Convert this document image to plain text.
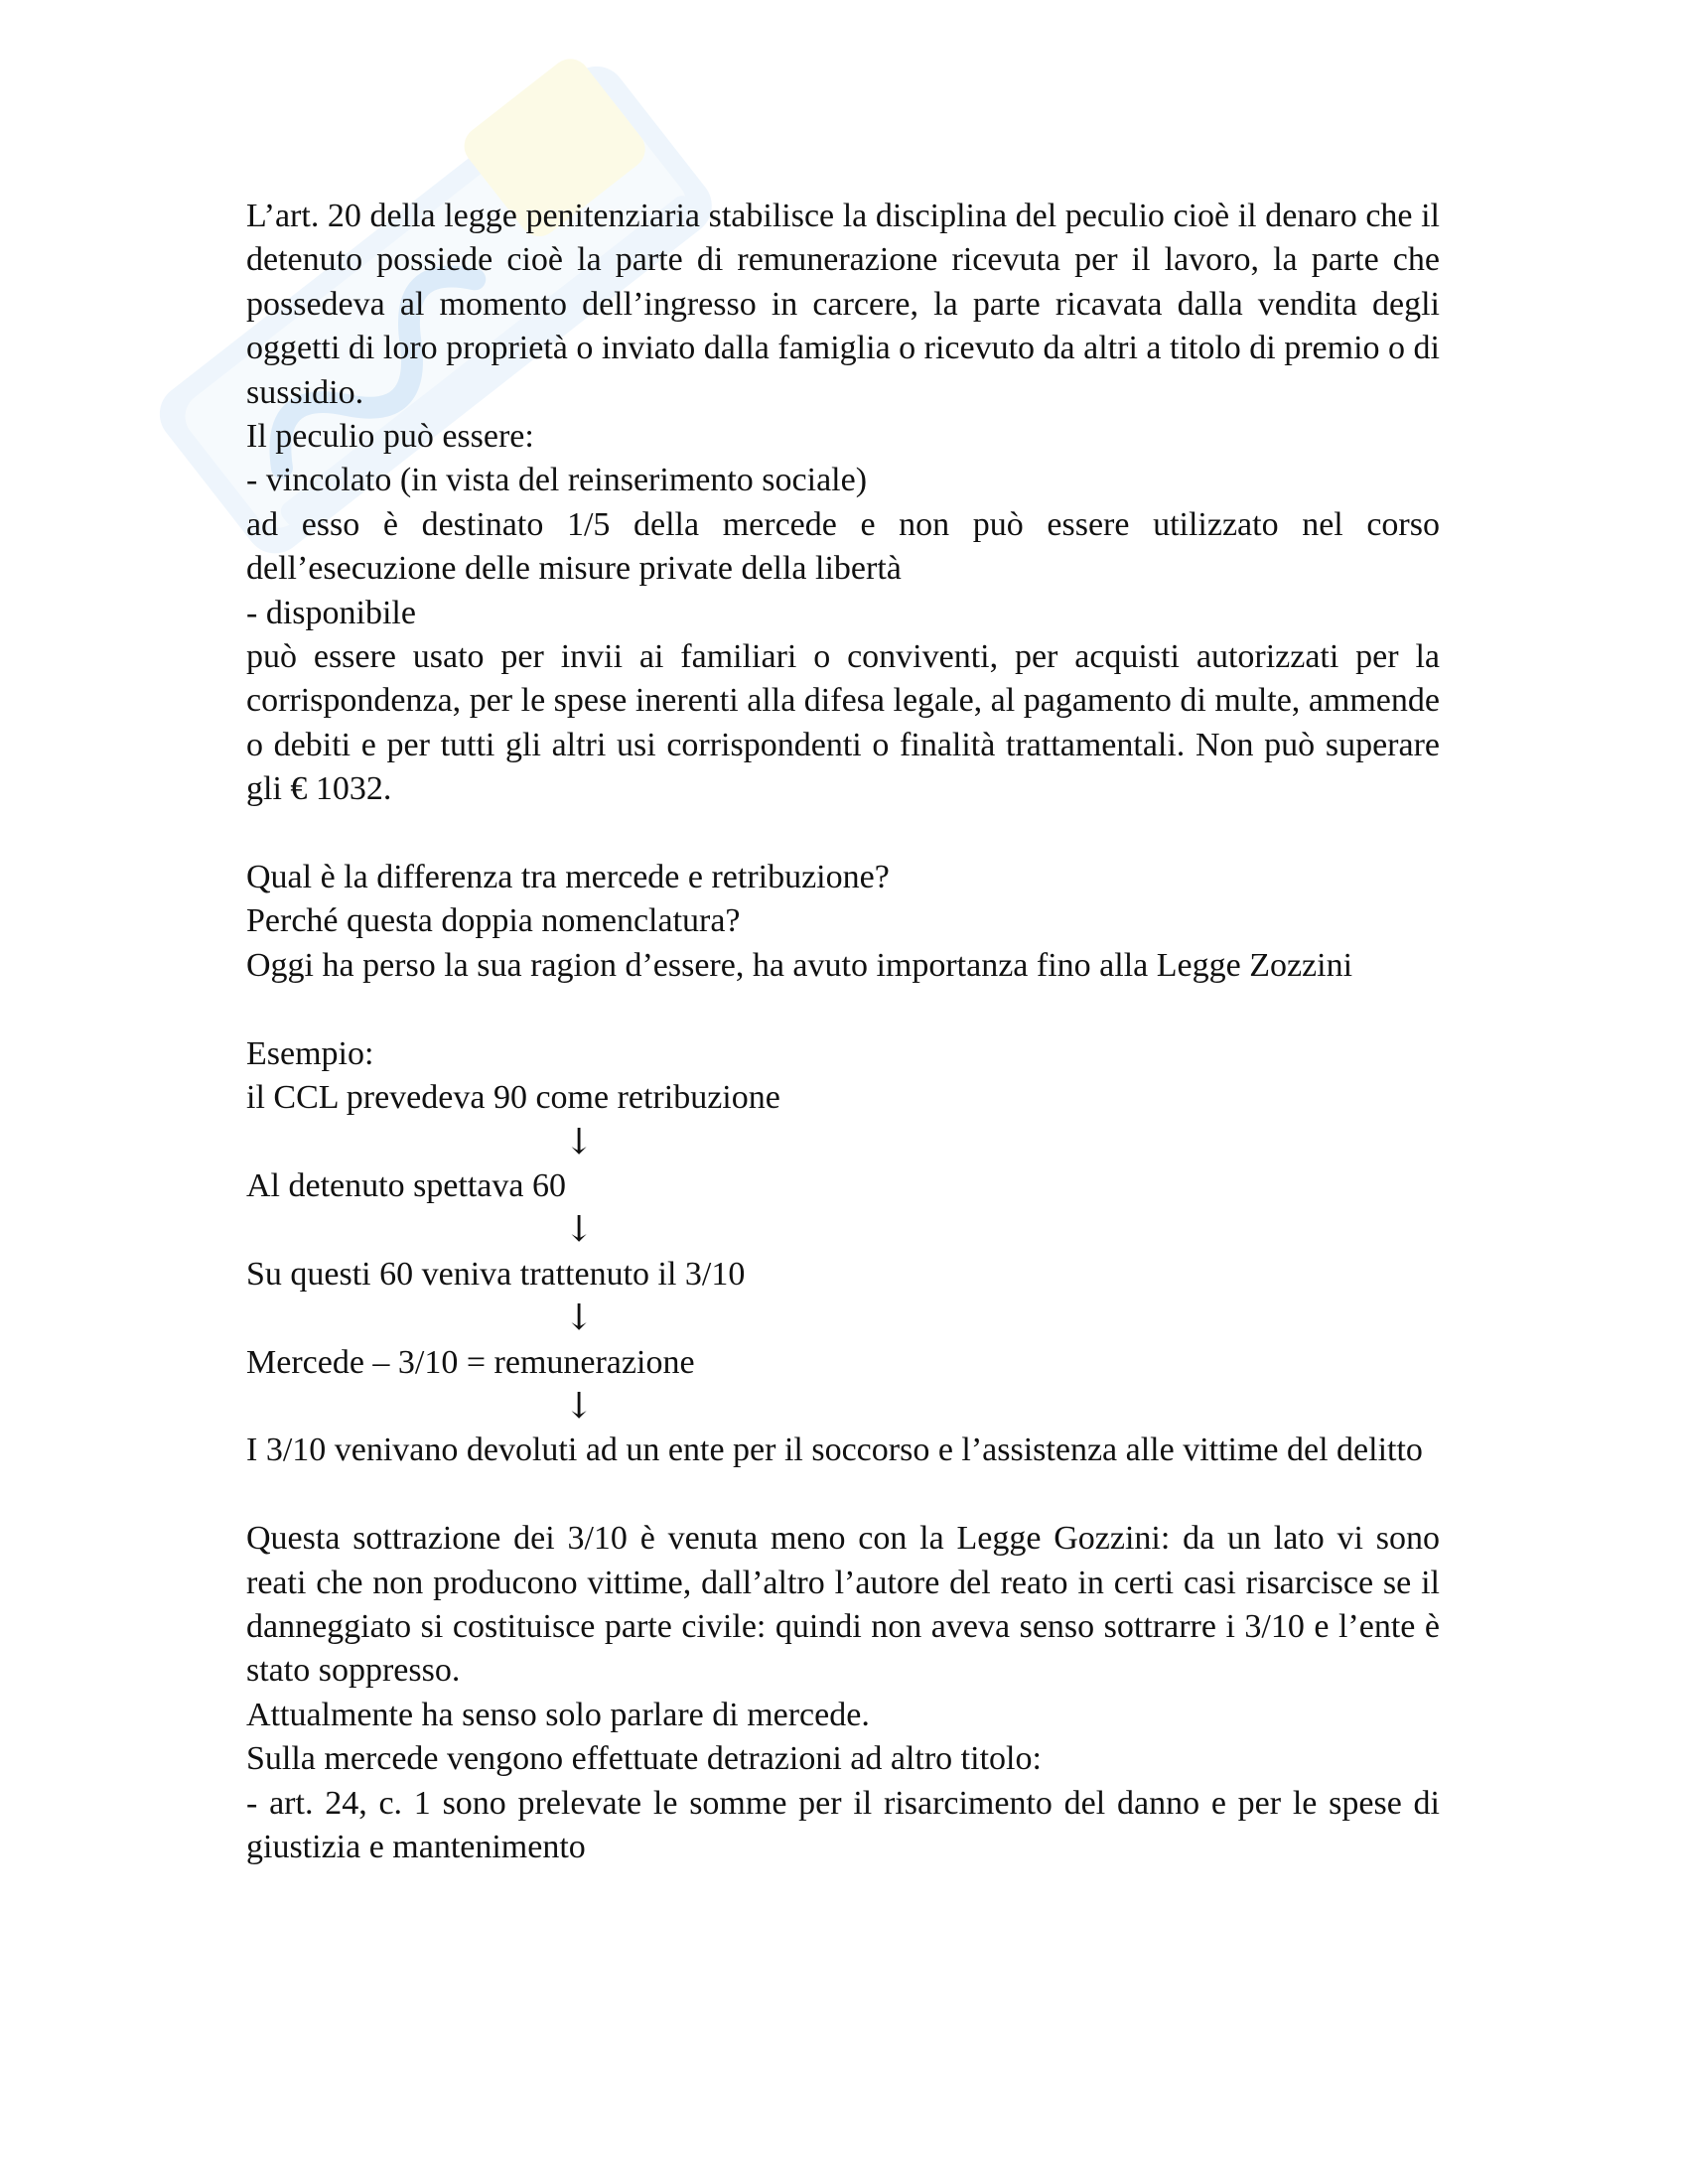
L’art. 20 della legge penitenziaria stabilisce la disciplina del peculio cioè il denaro che il detenuto possiede cioè la parte di remunerazione ricevuta per il lavoro, la parte che possedeva al momento dell’ingresso in carcere, la parte ricavata dalla vendita degli oggetti di loro proprietà o inviato dalla famiglia o ricevuto da altri a titolo di premio o di sussidio.

Il peculio può essere:

- vincolato (in vista del reinserimento sociale)

ad esso è destinato 1/5 della mercede e non può essere utilizzato nel corso dell’esecuzione delle misure private della libertà

- disponibile

può essere usato per invii ai familiari o conviventi, per acquisti autorizzati per la corrispondenza, per le spese inerenti alla difesa legale, al pagamento di multe, ammende o debiti e per tutti gli altri usi corrispondenti o finalità trattamentali. Non può superare gli € 1032.

Qual è la differenza tra mercede e retribuzione?

Perché questa doppia nomenclatura?

Oggi ha perso la sua ragion d’essere, ha avuto importanza fino alla Legge Zozzini

Esempio:

il CCL prevedeva 90 come retribuzione

↓

Al detenuto spettava 60

↓

Su questi 60 veniva trattenuto il 3/10

↓

Mercede – 3/10 = remunerazione

↓

I 3/10 venivano devoluti ad un ente per il soccorso e l’assistenza alle vittime del delitto

Questa sottrazione dei 3/10 è venuta meno con la Legge Gozzini: da un lato vi sono reati che non producono vittime, dall’altro l’autore del reato in certi casi risarcisce se il danneggiato si costituisce parte civile: quindi non aveva senso sottrarre i 3/10 e l’ente è stato soppresso.

Attualmente ha senso solo parlare di mercede.

Sulla mercede vengono effettuate detrazioni ad altro titolo:

- art. 24, c. 1 sono prelevate le somme per il risarcimento del danno e per le spese di giustizia e mantenimento
